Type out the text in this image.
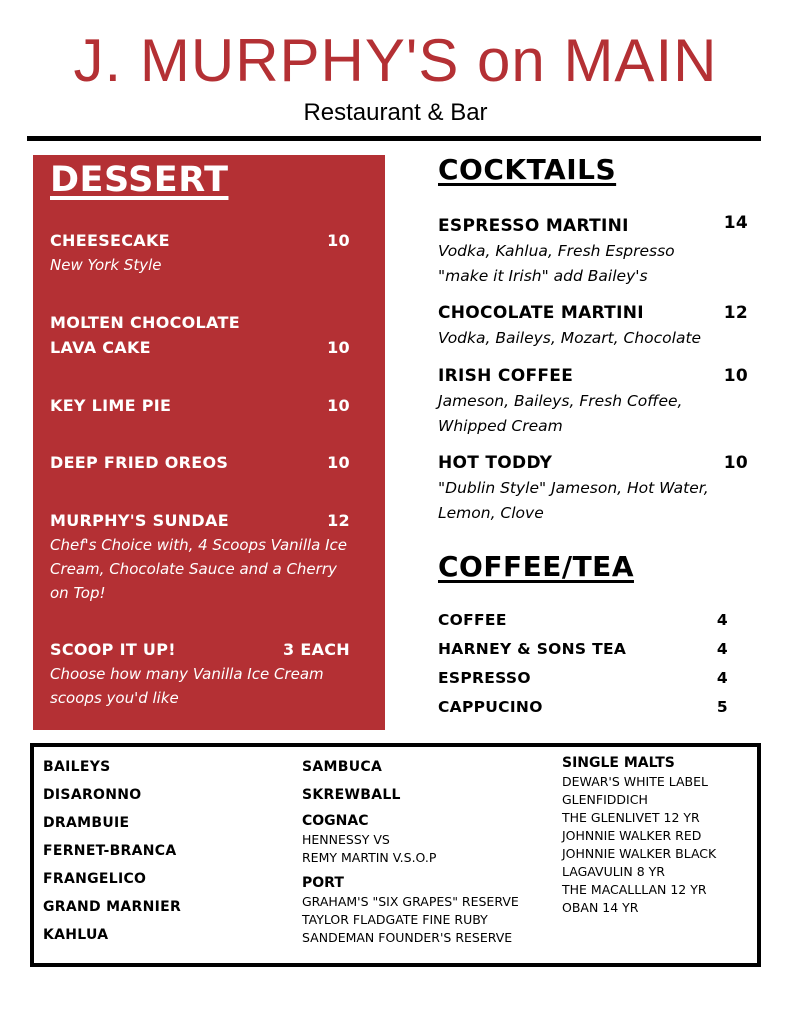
J. MURPHY'S on MAIN
Restaurant & Bar
DESSERT
CHEESECAKE	10
New York Style
MOLTEN CHOCOLATE LAVA CAKE	10
KEY LIME PIE	10
DEEP FRIED OREOS	10
MURPHY'S SUNDAE	12
Chef's Choice with, 4 Scoops Vanilla Ice Cream, Chocolate Sauce and a Cherry on Top!
SCOOP IT UP!	3 EACH
Choose how many Vanilla Ice Cream scoops you'd like
COCKTAILS
ESPRESSO MARTINI	14
Vodka, Kahlua, Fresh Espresso "make it Irish" add Bailey's
CHOCOLATE MARTINI	12
Vodka, Baileys, Mozart, Chocolate
IRISH COFFEE	10
Jameson, Baileys, Fresh Coffee, Whipped Cream
HOT TODDY	10
"Dublin Style" Jameson, Hot Water, Lemon, Clove
COFFEE/TEA
COFFEE	4
HARNEY & SONS TEA	4
ESPRESSO	4
CAPPUCINO	5
BAILEYS
DISARONNO
DRAMBUIE
FERNET-BRANCA
FRANGELICO
GRAND MARNIER
KAHLUA
SAMBUCA
SKREWBALL
COGNAC
HENNESSY VS
REMY MARTIN V.S.O.P
PORT
GRAHAM'S "SIX GRAPES" RESERVE
TAYLOR FLADGATE FINE RUBY
SANDEMAN FOUNDER'S RESERVE
SINGLE MALTS
DEWAR'S WHITE LABEL
GLENFIDDICH
THE GLENLIVET 12 YR
JOHNNIE WALKER RED
JOHNNIE WALKER BLACK
LAGAVULIN 8 YR
THE MACALLLAN 12 YR
OBAN 14 YR
